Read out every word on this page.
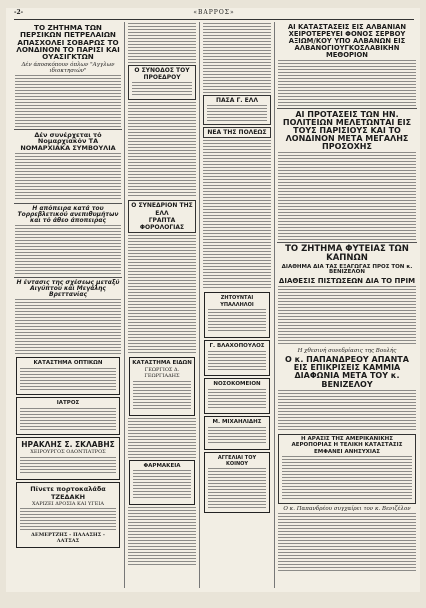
-2-	«ΒΑΡΡΟΣ»
ΤΟ ΖΗΤΗΜΑ ΤΩΝ ΠΕΡΣΙΚΩΝ ΠΕΤΡΕΛΑΙΩΝ ΑΠΑΣΧΟΛΕΙ ΣΟΒΑΡΩΣ ΤΟ ΛΟΝΔΙΝΟΝ ΤΟ ΠΑΡΙΣΙ ΚΑΙ ΟΥΑΣΙΓΚΤΩΝ
Δέν άποσκόπουν όπλων "Αγγλων ιδιοκτησιών"
Δέν συνέρχεται τό Νομαρχιακόν ΤΑ ΝΟΜΑΡΧΙΑΚΑ ΣΥΜΒΟΥΛΙΑ
Η απόπειρα κατά του Τορρεβλετικού ανεπιθυμήτων και τό άθεο άποπειρας
Η έντασις της σχέσεως μεταξύ Αιγύπτου και Μεγάλης Βρεττανίας
ΚΑΤΑΣΤΗΜΑ ΟΠΤΙΚΩΝ
ΙΑΤΡΟΣ
ΗΡΑΚΛΗΣ Σ. ΣΚΛΑΒΗΣ
ΧΕΙΡΟΥΡΓΟΣ ΟΔΟΝΤΙΑΤΡΟΣ
Πίνετε πορτοκαλάδα ΤΖΕΔΑΚΗ
ΧΑΡΙΖΕΙ ΔΡΟΣΙΑ ΚΑΙ ΥΓΕΙΑ
ΔΕΜΕΡΤΖΗΣ - ΠΑΛΑΣΗΣ - ΛΑΤΣΑΣ
Ο ΣΥΝΟΔΟΣ ΤΟΥ ΠΡΟΕΔΡΟΥ
Ο ΣΥΝΕΔΡΙΟΝ ΤΗΣ ΕΛΛ
ΓΡΑΠΤΑ ΦΟΡΟΛΟΓΙΑΣ
ΚΑΤΑΣΤΗΜΑ ΕΙΔΩΝ
ΓΕΩΡΓΙΟΣ Δ. ΓΕΩΡΓΙΑΔΗΣ
ΦΑΡΜΑΚΕΙΑ
ΠΑΣΑ Γ. ΕΛΛ
ΝΕΑ ΤΗΣ ΠΟΛΕΩΣ
ΖΗΤΟΥΝΤΑΙ ΥΠΑΛΛΗΛΟΙ
Γ. ΒΛΑΧΟΠΟΥΛΟΣ
ΝΟΣΟΚΟΜΕΙΟΝ
Μ. ΜΙΧΑΗΛΙΔΗΣ
ΑΓΓΕΛΙΑΙ ΤΟΥ ΚΟΙΝΟΥ
ΑΙ ΚΑΤΑΣΤΑΣΕΙΣ ΕΙΣ ΑΛΒΑΝΙΑΝ ΧΕΙΡΟΤΕΡΕΥΕΙ ΦΟΝΟΣ ΣΕΡΒΟΥ ΑΞΙΩΜ/ΚΟΥ ΥΠΟ ΑΛΒΑΝΩΝ ΕΙΣ ΑΛΒΑΝΟΓΙΟΥΓΚΟΣΛΑΒΙΚΗΝ ΜΕΘΟΡΙΟΝ
ΑΙ ΠΡΟΤΑΣΕΙΣ ΤΩΝ ΗΝ. ΠΟΛΙΤΕΙΩΝ ΜΕΛΕΤΩΝΤΑΙ ΕΙΣ ΤΟΥΣ ΠΑΡΙΣΙΟΥΣ ΚΑΙ ΤΟ ΛΟΝΔΙΝΟΝ ΜΕΤΑ ΜΕΓΑΛΗΣ ΠΡΟΣΟΧΗΣ
ΤΟ ΖΗΤΗΜΑ ΦΥΤΕΙΑΣ ΤΩΝ ΚΑΠΝΩΝ
ΔΙΑΘΗΜΑ ΔΙΑ ΤΑΣ ΕΞΑΓΩΓΑΣ ΠΡΟΣ ΤΟΝ κ. ΒΕΝΙΖΕΛΟΝ
ΔΙΑΘΕΣΙΣ ΠΙΣΤΩΣΕΩΝ ΔΙΑ ΤΟ ΠΡΙΜ
Η χθεσινή συνεδρίασις της Βουλής
Ο κ. ΠΑΠΑΝΔΡΕΟΥ ΑΠΑΝΤΑ ΕΙΣ ΕΠΙΚΡΙΣΕΙΣ ΚΑΜΜΙΑ ΔΙΑΦΩΝΙΑ ΜΕΤΑ ΤΟΥ κ. ΒΕΝΙΖΕΛΟΥ
Η ΑΡΑΣΙΣ ΤΗΣ ΑΜΕΡΙΚΑΝΙΚΗΣ ΑΕΡΟΠΟΡΙΑΣ Η ΤΕΛΙΚΗ ΚΑΤΑΣΤΑΣΙΣ ΕΜΦΑΝΕΙ ΑΝΗΣΥΧΙΑΣ
Ο κ. Παπανδρέου συγχαίρει τον κ. Βενιζέλον
